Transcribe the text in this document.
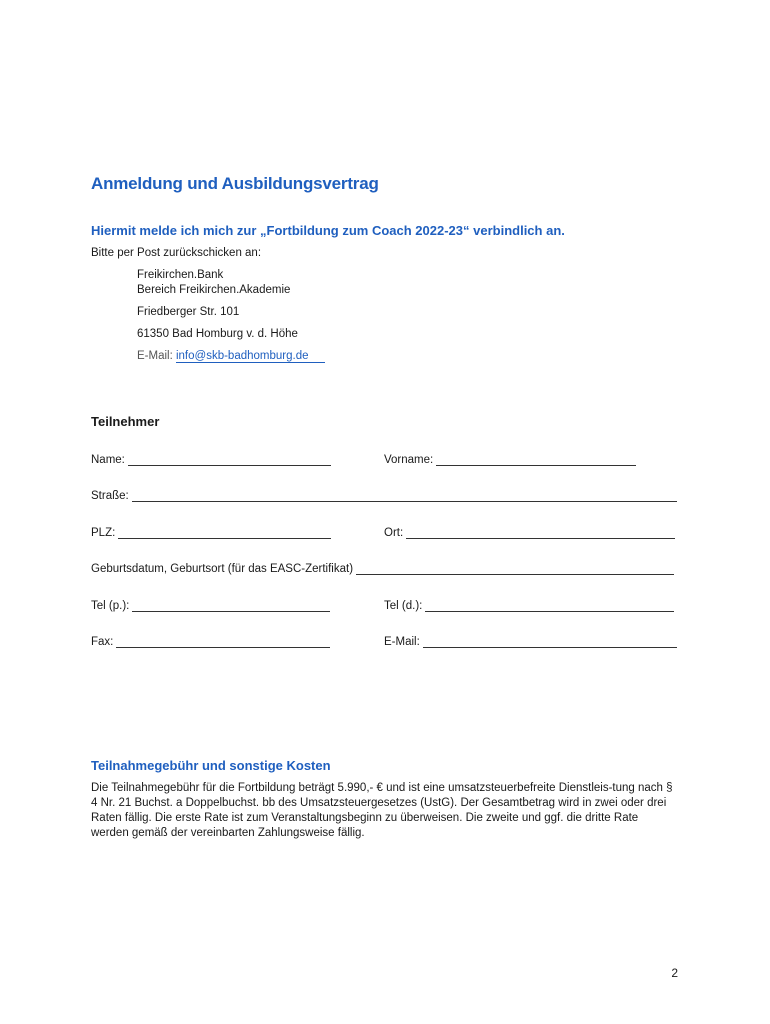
Anmeldung und Ausbildungsvertrag
Hiermit melde ich mich zur „Fortbildung zum Coach 2022-23“ verbindlich an.
Bitte per Post zurückschicken an:
Freikirchen.Bank
Bereich Freikirchen.Akademie
Friedberger Str. 101
61350 Bad Homburg v. d. Höhe
E-Mail: info@skb-badhomburg.de
Teilnehmer
Name:	Vorname:
Straße:
PLZ:	Ort:
Geburtsdatum, Geburtsort (für das EASC-Zertifikat)
Tel (p.):	Tel (d.):
Fax:	E-Mail:
Teilnahmegebühr und sonstige Kosten
Die Teilnahmegebühr für die Fortbildung beträgt 5.990,- € und ist eine umsatzsteuerbefreite Dienstleis-tung nach § 4 Nr. 21 Buchst. a Doppelbuchst. bb des Umsatzsteuergesetzes (UstG). Der Gesamtbetrag wird in zwei oder drei Raten fällig. Die erste Rate ist zum Veranstaltungsbeginn zu überweisen. Die zweite und ggf. die dritte Rate werden gemäß der vereinbarten Zahlungsweise fällig.
2
